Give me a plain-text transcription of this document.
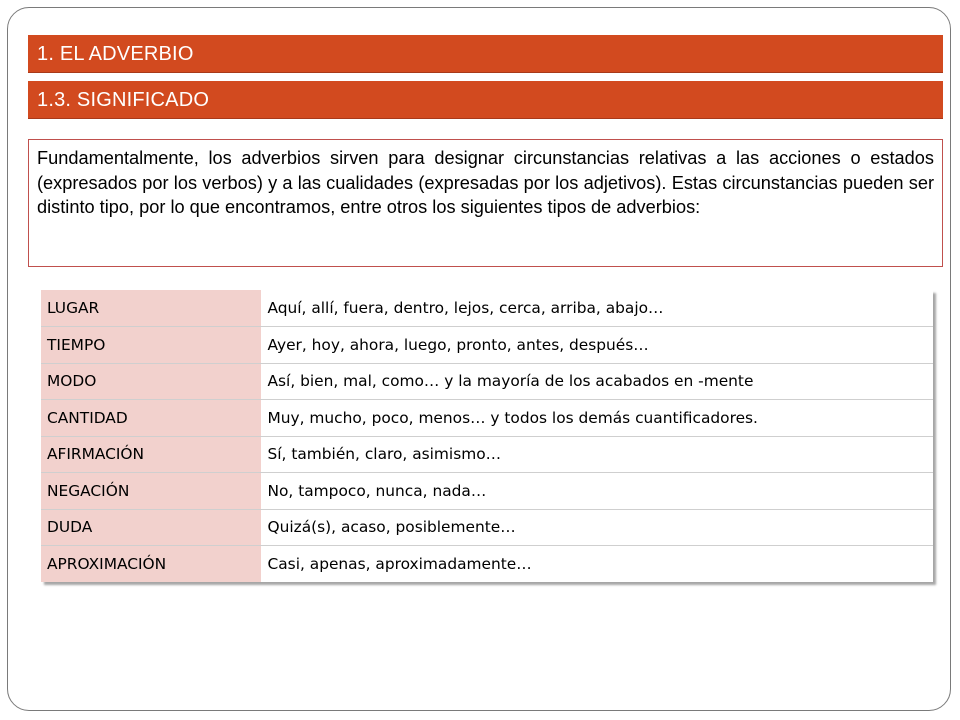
1. EL ADVERBIO
1.3. SIGNIFICADO
Fundamentalmente, los adverbios sirven para designar circunstancias relativas a las acciones o estados (expresados por los verbos) y a las cualidades (expresadas por los adjetivos). Estas circunstancias pueden ser distinto tipo, por lo que encontramos, entre otros los siguientes tipos de adverbios:
LUGAR	Aquí, allí, fuera, dentro, lejos, cerca, arriba, abajo…
TIEMPO	Ayer, hoy, ahora, luego, pronto, antes, después…
MODO	Así, bien, mal, como… y la mayoría de los acabados en -mente
CANTIDAD	Muy, mucho, poco, menos… y todos los demás cuantificadores.
AFIRMACIÓN	Sí, también, claro, asimismo…
NEGACIÓN	No, tampoco, nunca, nada…
DUDA	Quizá(s), acaso, posiblemente…
APROXIMACIÓN	Casi, apenas, aproximadamente…
